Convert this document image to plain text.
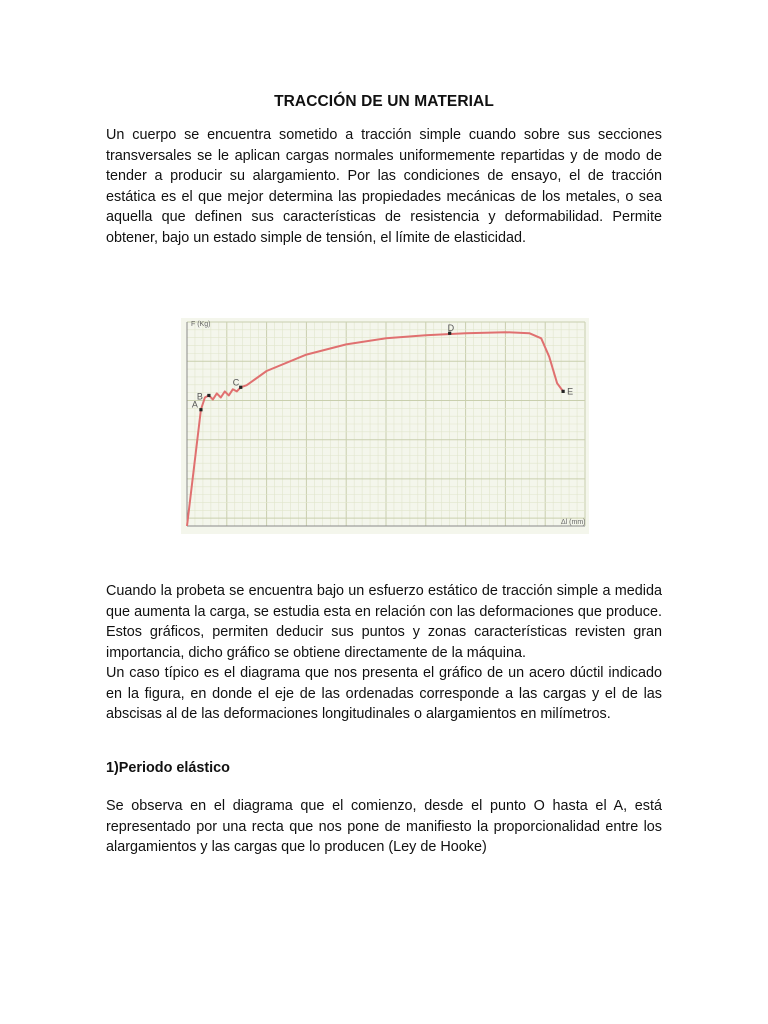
TRACCIÓN DE UN MATERIAL

Un cuerpo se encuentra sometido a tracción simple cuando sobre sus secciones transversales se le aplican cargas normales uniformemente repartidas y de modo de tender a producir su alargamiento. Por las condiciones de ensayo, el de tracción estática es el que mejor determina las propiedades mecánicas de los metales, o sea aquella que definen sus características de resistencia y deformabilidad. Permite obtener, bajo un estado simple de tensión, el límite de elasticidad.

Cuando la probeta se encuentra bajo un esfuerzo estático de tracción simple a medida que aumenta la carga, se estudia esta en relación con las deformaciones que produce. Estos gráficos, permiten deducir sus puntos y zonas características revisten gran importancia, dicho gráfico se obtiene directamente de la máquina.

Un caso típico es el diagrama que nos presenta el gráfico de un acero dúctil indicado en la figura, en donde el eje de las ordenadas corresponde a las cargas y el de las abscisas al de las deformaciones longitudinales o alargamientos en milímetros.

1)Periodo elástico

Se observa en el diagrama que el comienzo, desde el punto O hasta el A, está representado por una recta que nos pone de manifiesto la proporcionalidad entre los alargamientos y las cargas que lo producen (Ley de Hooke)

F (Kg)
Δl (mm)
A
B
C
D
E
